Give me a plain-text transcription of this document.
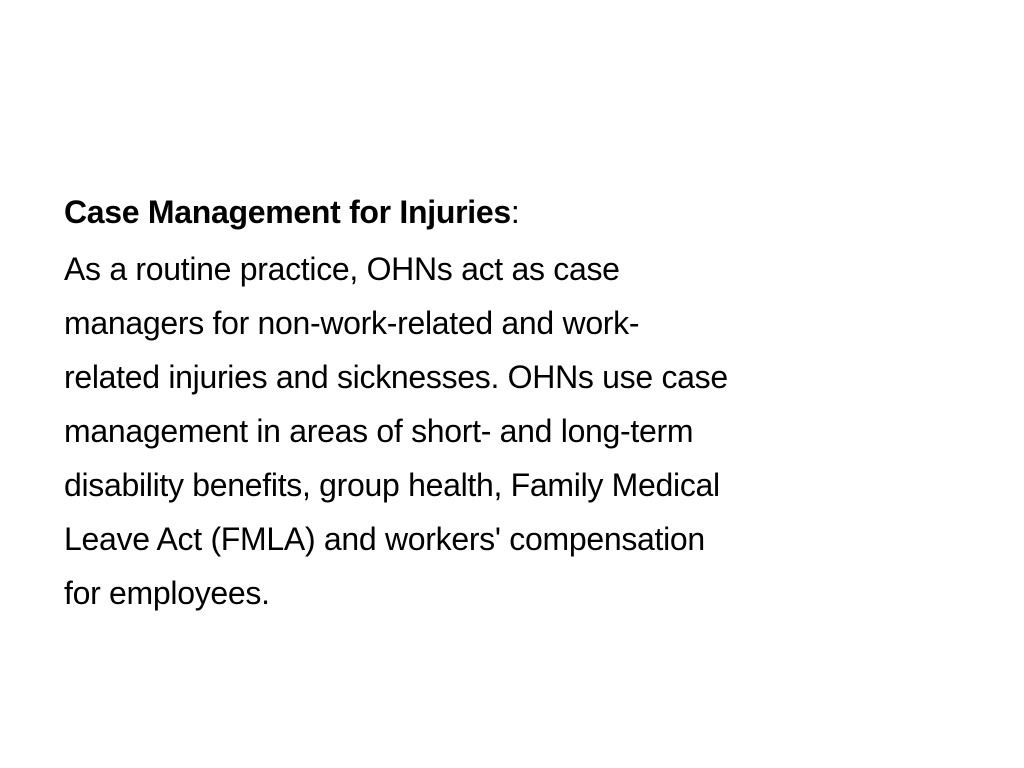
Case Management for Injuries:

As a routine practice, OHNs act as case
managers for non-work-related and work-
related injuries and sicknesses. OHNs use case
management in areas of short- and long-term
disability benefits, group health, Family Medical
Leave Act (FMLA) and workers' compensation
for employees.
